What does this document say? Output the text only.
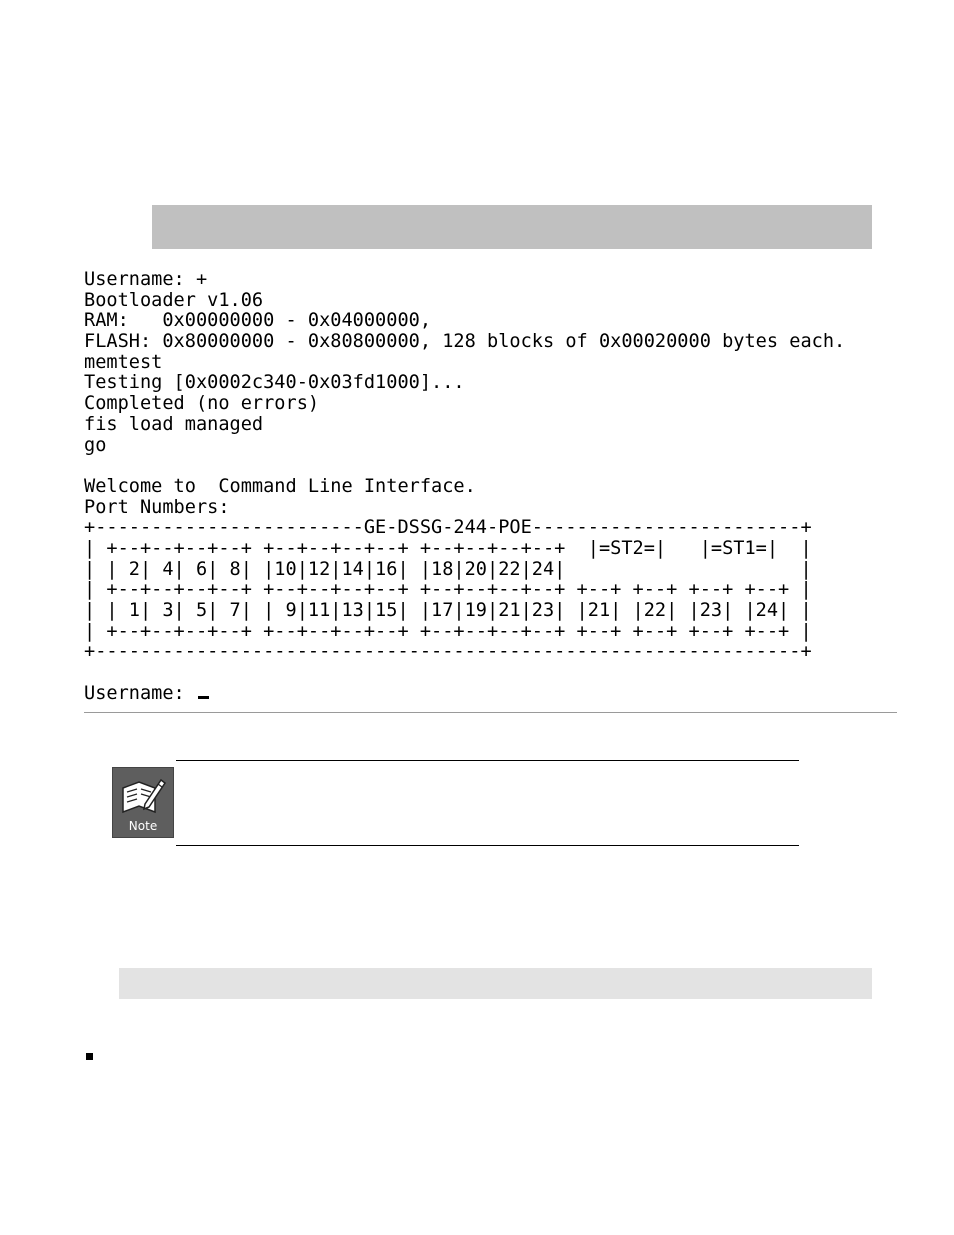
Username: +
Bootloader v1.06
RAM:   0x00000000 - 0x04000000,
FLASH: 0x80000000 - 0x80800000, 128 blocks of 0x00020000 bytes each.
memtest
Testing [0x0002c340-0x03fd1000]...
Completed (no errors)
fis load managed
go
Welcome to  Command Line Interface.
Port Numbers:
+------------------------GE-DSSG-244-POE------------------------+
| +--+--+--+--+ +--+--+--+--+ +--+--+--+--+  |=ST2=|   |=ST1=|  |
| | 2| 4| 6| 8| |10|12|14|16| |18|20|22|24|                     |
| +--+--+--+--+ +--+--+--+--+ +--+--+--+--+ +--+ +--+ +--+ +--+ |
| | 1| 3| 5| 7| | 9|11|13|15| |17|19|21|23| |21| |22| |23| |24| |
| +--+--+--+--+ +--+--+--+--+ +--+--+--+--+ +--+ +--+ +--+ +--+ |
+---------------------------------------------------------------+
Username:
Note
